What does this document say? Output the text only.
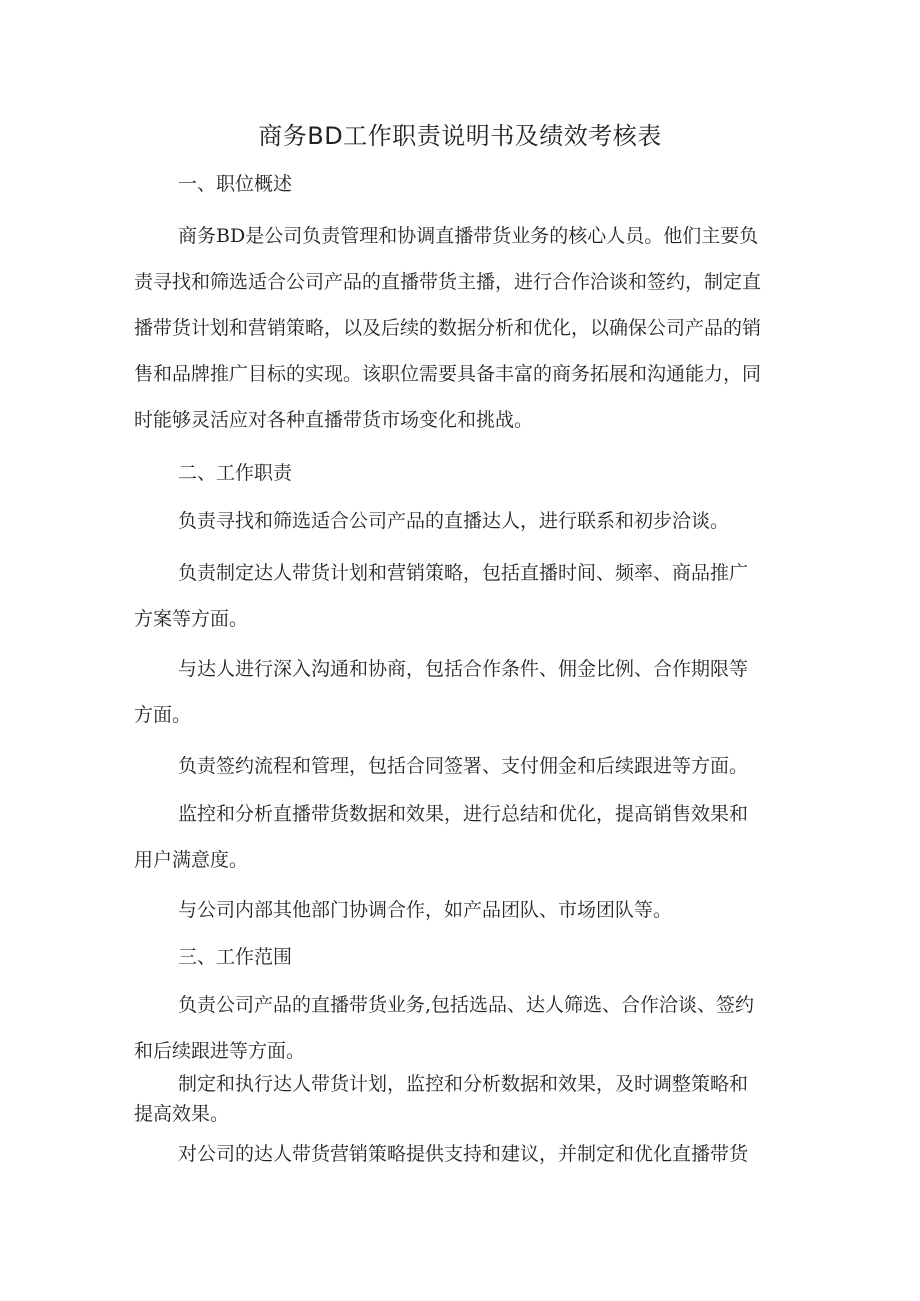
商务BD工作职责说明书及绩效考核表
一、职位概述
商务BD是公司负责管理和协调直播带货业务的核心人员。他们主要负
责寻找和筛选适合公司产品的直播带货主播，进行合作洽谈和签约，制定直
播带货计划和营销策略，以及后续的数据分析和优化，以确保公司产品的销
售和品牌推广目标的实现。该职位需要具备丰富的商务拓展和沟通能力，同
时能够灵活应对各种直播带货市场变化和挑战。
二、工作职责
负责寻找和筛选适合公司产品的直播达人，进行联系和初步洽谈。
负责制定达人带货计划和营销策略，包括直播时间、频率、商品推广
方案等方面。
与达人进行深入沟通和协商，包括合作条件、佣金比例、合作期限等
方面。
负责签约流程和管理，包括合同签署、支付佣金和后续跟进等方面。
监控和分析直播带货数据和效果，进行总结和优化，提高销售效果和
用户满意度。
与公司内部其他部门协调合作，如产品团队、市场团队等。
三、工作范围
负责公司产品的直播带货业务,包括选品、达人筛选、合作洽谈、签约
和后续跟进等方面。
制定和执行达人带货计划，监控和分析数据和效果，及时调整策略和
提高效果。
对公司的达人带货营销策略提供支持和建议，并制定和优化直播带货
